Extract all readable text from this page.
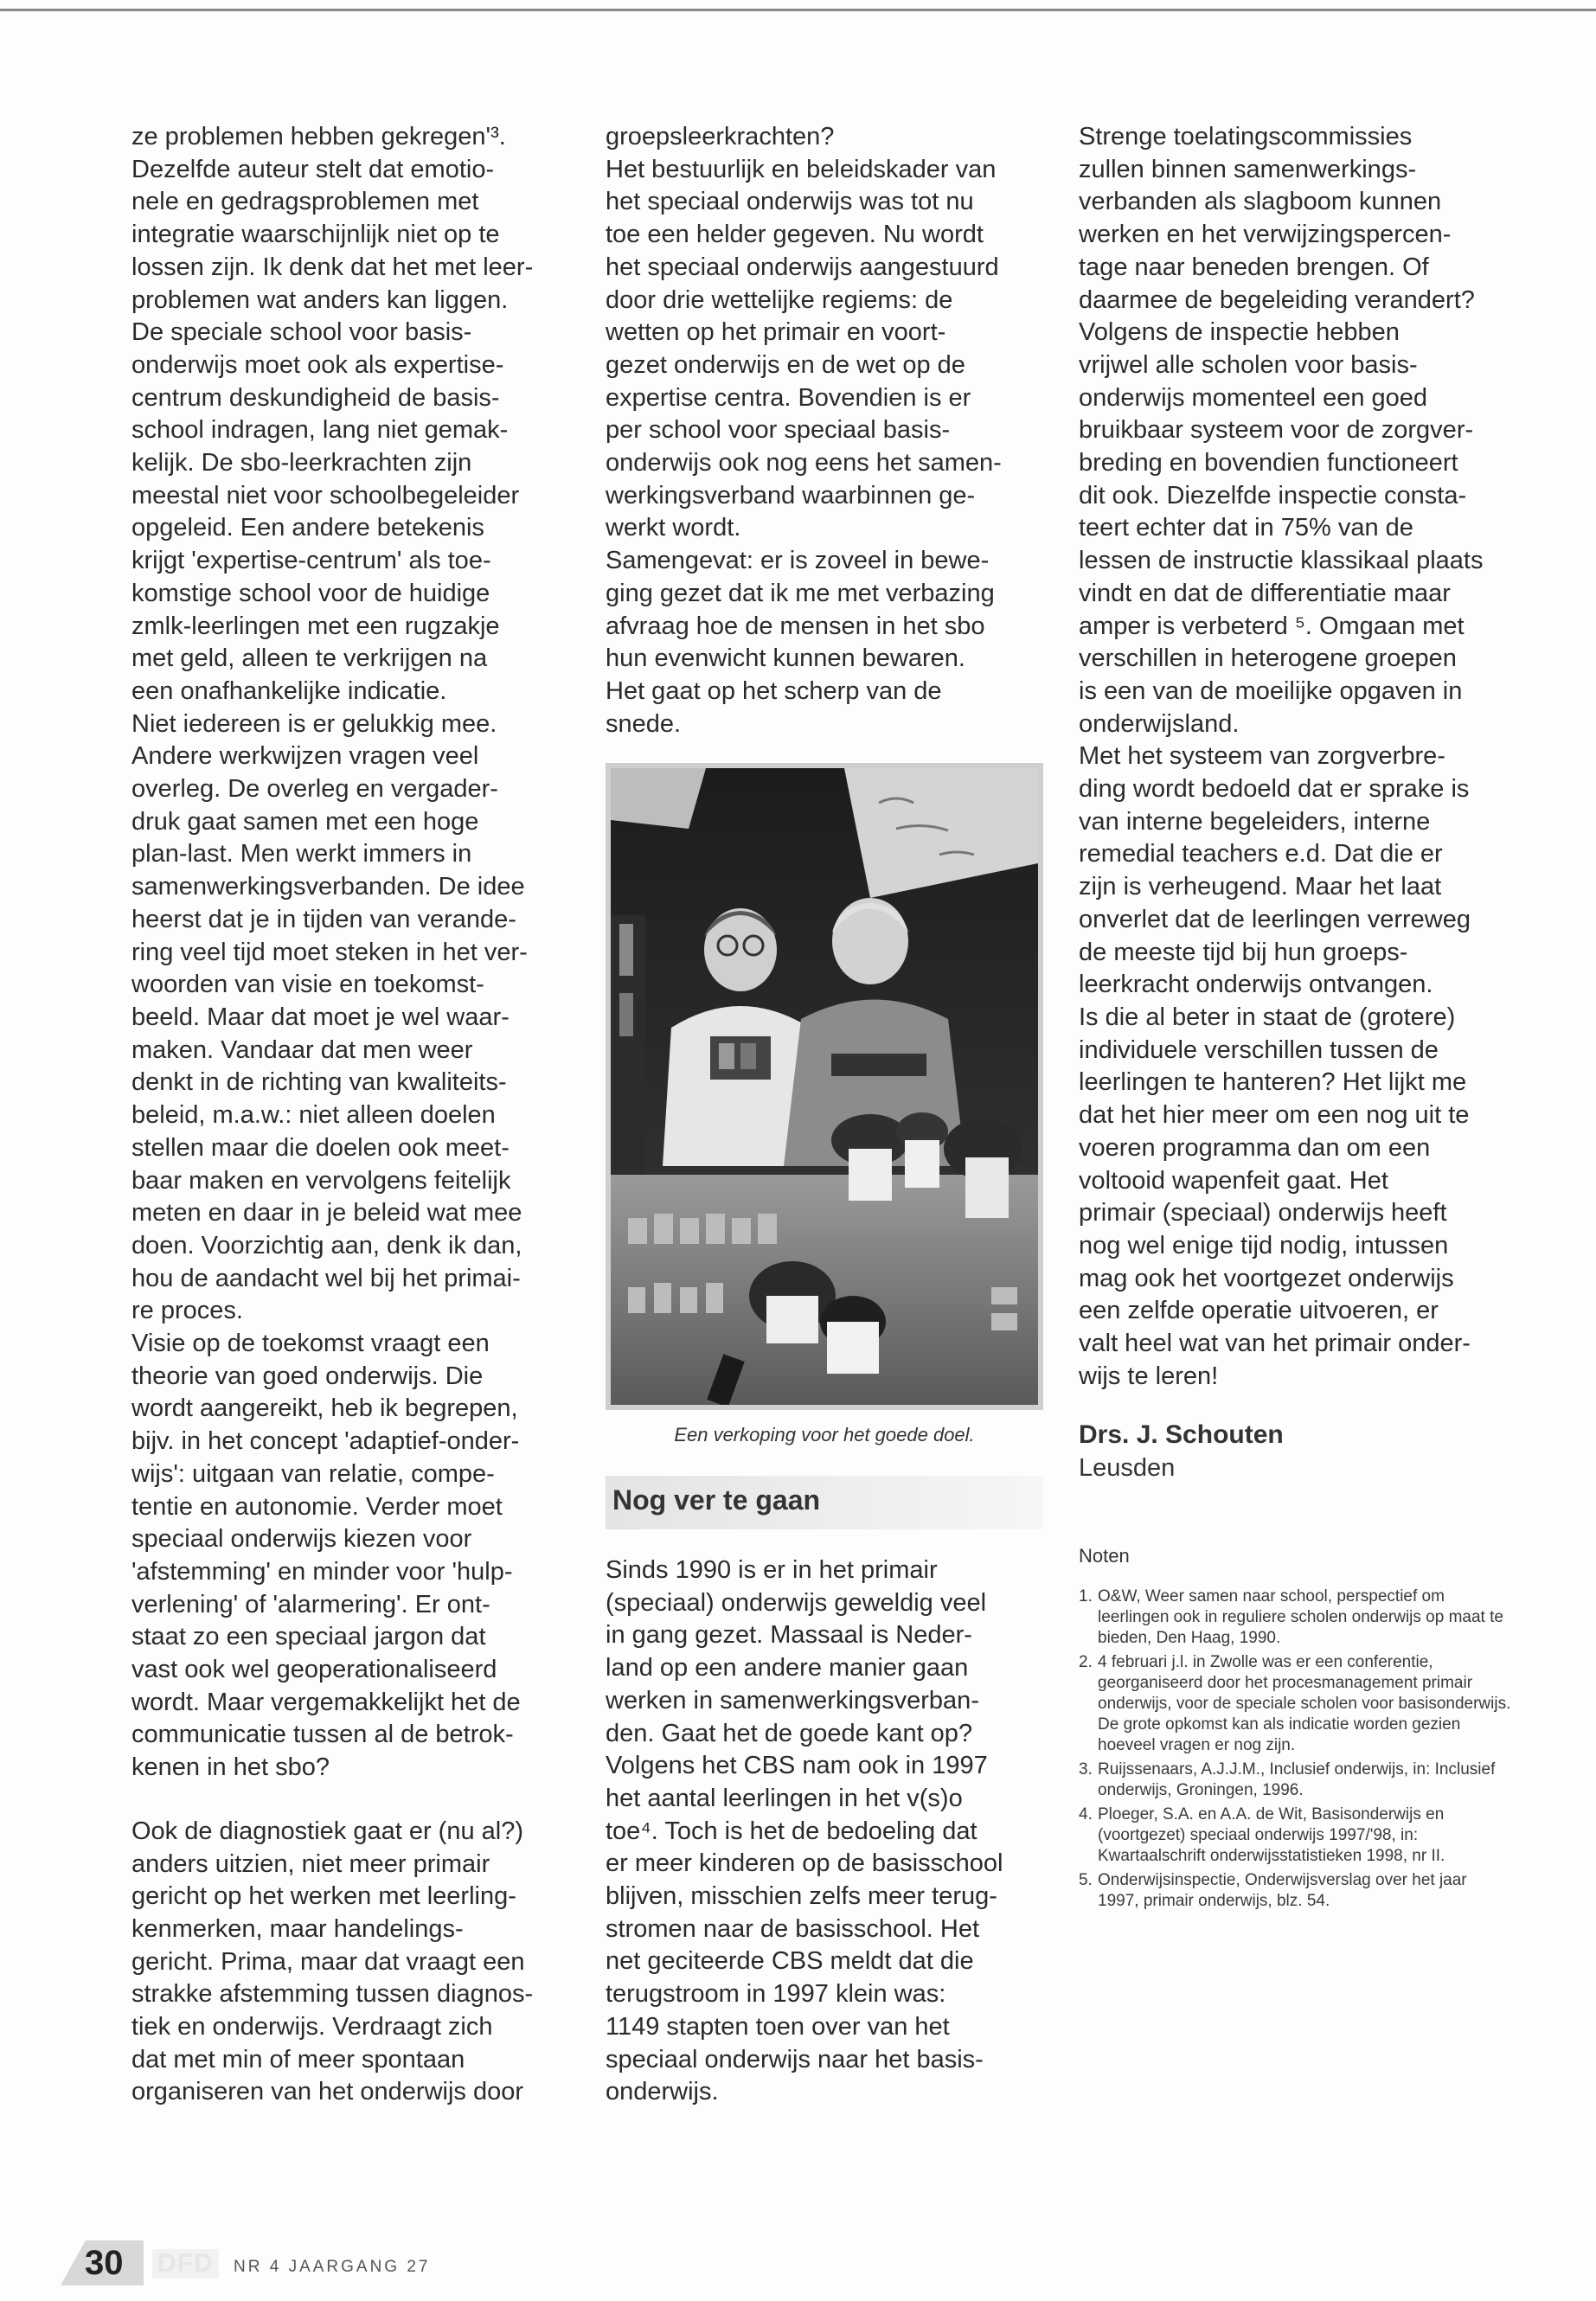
ze problemen hebben gekregen'³.

Dezelfde auteur stelt dat emotio-

nele en gedragsproblemen met

integratie waarschijnlijk niet op te

lossen zijn. Ik denk dat het met leer-

problemen wat anders kan liggen.

De speciale school voor basis-

onderwijs moet ook als expertise-

centrum deskundigheid de basis-

school indragen, lang niet gemak-

kelijk. De sbo-leerkrachten zijn

meestal niet voor schoolbegeleider

opgeleid. Een andere betekenis

krijgt 'expertise-centrum' als toe-

komstige school voor de huidige

zmlk-leerlingen met een rugzakje

met geld, alleen te verkrijgen na

een onafhankelijke indicatie.

Niet iedereen is er gelukkig mee.

Andere werkwijzen vragen veel

overleg. De overleg en vergader-

druk gaat samen met een hoge

plan-last. Men werkt immers in

samenwerkingsverbanden. De idee

heerst dat je in tijden van verande-

ring veel tijd moet steken in het ver-

woorden van visie en toekomst-

beeld. Maar dat moet je wel waar-

maken. Vandaar dat men weer

denkt in de richting van kwaliteits-

beleid, m.a.w.: niet alleen doelen

stellen maar die doelen ook meet-

baar maken en vervolgens feitelijk

meten en daar in je beleid wat mee

doen. Voorzichtig aan, denk ik dan,

hou de aandacht wel bij het primai-

re proces.

Visie op de toekomst vraagt een

theorie van goed onderwijs. Die

wordt aangereikt, heb ik begrepen,

bijv. in het concept 'adaptief-onder-

wijs': uitgaan van relatie, compe-

tentie en autonomie. Verder moet

speciaal onderwijs kiezen voor

'afstemming' en minder voor 'hulp-

verlening' of 'alarmering'. Er ont-

staat zo een speciaal jargon dat

vast ook wel geoperationaliseerd

wordt. Maar vergemakkelijkt het de

communicatie tussen al de betrok-

kenen in het sbo?

Ook de diagnostiek gaat er (nu al?)

anders uitzien, niet meer primair

gericht op het werken met leerling-

kenmerken, maar handelings-

gericht. Prima, maar dat vraagt een

strakke afstemming tussen diagnos-

tiek en onderwijs. Verdraagt zich

dat met min of meer spontaan

organiseren van het onderwijs door

groepsleerkrachten?

Het bestuurlijk en beleidskader van

het speciaal onderwijs was tot nu

toe een helder gegeven. Nu wordt

het speciaal onderwijs aangestuurd

door drie wettelijke regiems: de

wetten op het primair en voort-

gezet onderwijs en de wet op de

expertise centra. Bovendien is er

per school voor speciaal basis-

onderwijs ook nog eens het samen-

werkingsverband waarbinnen ge-

werkt wordt.

Samengevat: er is zoveel in bewe-

ging gezet dat ik me met verbazing

afvraag hoe de mensen in het sbo

hun evenwicht kunnen bewaren.

Het gaat op het scherp van de

snede.

Een verkoping voor het goede doel.
Nog ver te gaan

Sinds 1990 is er in het primair

(speciaal) onderwijs geweldig veel

in gang gezet. Massaal is Neder-

land op een andere manier gaan

werken in samenwerkingsverban-

den. Gaat het de goede kant op?

Volgens het CBS nam ook in 1997

het aantal leerlingen in het v(s)o

toe⁴. Toch is het de bedoeling dat

er meer kinderen op de basisschool

blijven, misschien zelfs meer terug-

stromen naar de basisschool. Het

net geciteerde CBS meldt dat die

terugstroom in 1997 klein was:

1149 stapten toen over van het

speciaal onderwijs naar het basis-

onderwijs.

Strenge toelatingscommissies

zullen binnen samenwerkings-

verbanden als slagboom kunnen

werken en het verwijzingspercen-

tage naar beneden brengen. Of

daarmee de begeleiding verandert?

Volgens de inspectie hebben

vrijwel alle scholen voor basis-

onderwijs momenteel een goed

bruikbaar systeem voor de zorgver-

breding en bovendien functioneert

dit ook. Diezelfde inspectie consta-

teert echter dat in 75% van de

lessen de instructie klassikaal plaats

vindt en dat de differentiatie maar

amper is verbeterd ⁵. Omgaan met

verschillen in heterogene groepen

is een van de moeilijke opgaven in

onderwijsland.

Met het systeem van zorgverbre-

ding wordt bedoeld dat er sprake is

van interne begeleiders, interne

remedial teachers e.d. Dat die er

zijn is verheugend. Maar het laat

onverlet dat de leerlingen verreweg

de meeste tijd bij hun groeps-

leerkracht onderwijs ontvangen.

Is die al beter in staat de (grotere)

individuele verschillen tussen de

leerlingen te hanteren? Het lijkt me

dat het hier meer om een nog uit te

voeren programma dan om een

voltooid wapenfeit gaat. Het

primair (speciaal) onderwijs heeft

nog wel enige tijd nodig, intussen

mag ook het voortgezet onderwijs

een zelfde operatie uitvoeren, er

valt heel wat van het primair onder-

wijs te leren!

Drs. J. Schouten
Leusden
Noten
1. O&W, Weer samen naar school, perspectief om leerlingen ook in reguliere scholen onderwijs op maat te bieden, Den Haag, 1990.
2. 4 februari j.l. in Zwolle was er een conferentie, georganiseerd door het procesmanagement primair onderwijs, voor de speciale scholen voor basisonderwijs. De grote opkomst kan als indicatie worden gezien hoeveel vragen er nog zijn.
3. Ruijssenaars, A.J.J.M., Inclusief onderwijs, in: Inclusief onderwijs, Groningen, 1996.
4. Ploeger, S.A. en A.A. de Wit, Basisonderwijs en (voortgezet) speciaal onderwijs 1997/'98, in: Kwartaalschrift onderwijsstatistieken 1998, nr II.
5. Onderwijsinspectie, Onderwijsverslag over het jaar 1997, primair onderwijs, blz. 54.
30 DFD	NR 4 JAARGANG 27
